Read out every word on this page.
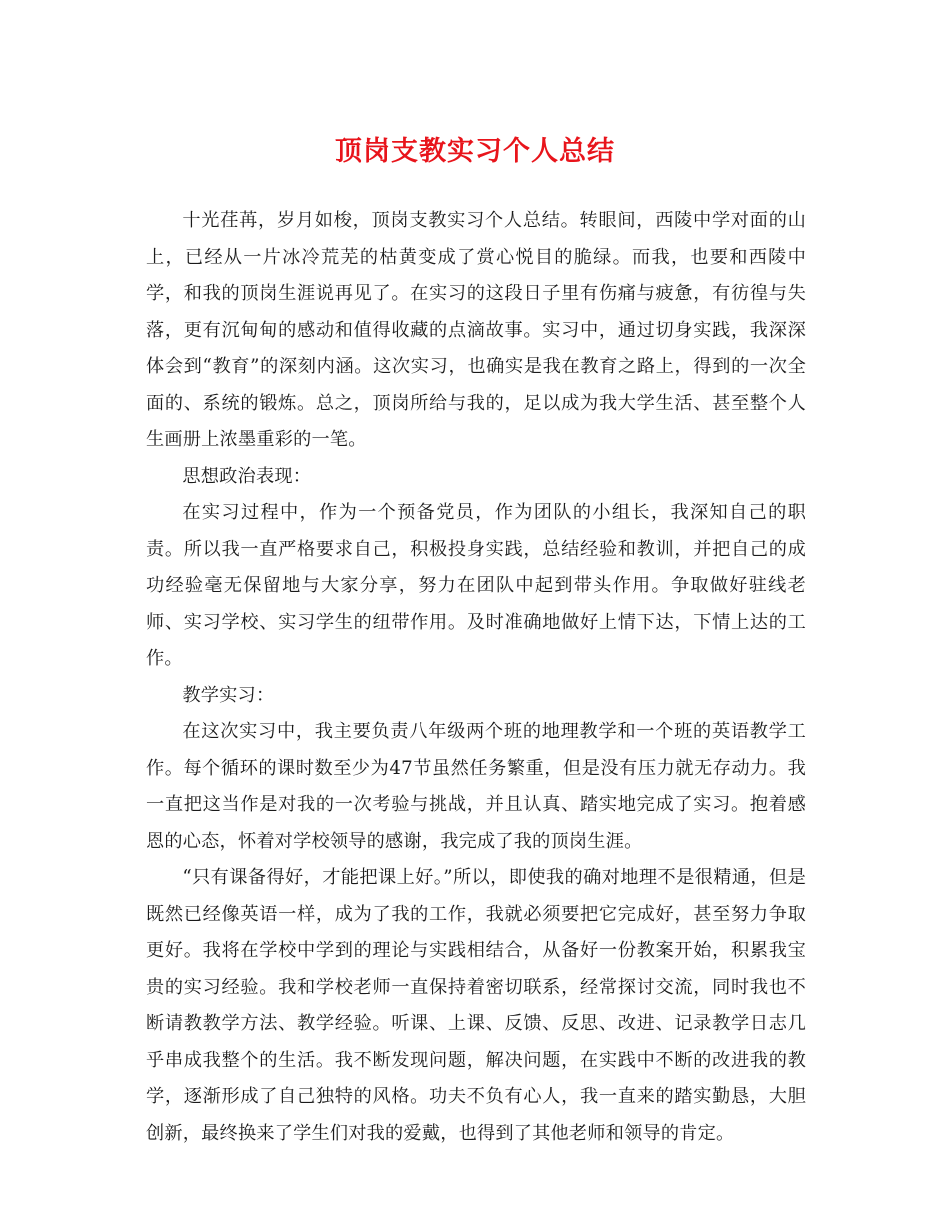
顶岗支教实习个人总结

十光荏苒，岁月如梭，顶岗支教实习个人总结。转眼间，西陵中学对面的山上，已经从一片冰冷荒芜的枯黄变成了赏心悦目的脆绿。而我，也要和西陵中学，和我的顶岗生涯说再见了。在实习的这段日子里有伤痛与疲惫，有彷徨与失落，更有沉甸甸的感动和值得收藏的点滴故事。实习中，通过切身实践，我深深体会到“教育”的深刻内涵。这次实习，也确实是我在教育之路上，得到的一次全面的、系统的锻炼。总之，顶岗所给与我的，足以成为我大学生活、甚至整个人生画册上浓墨重彩的一笔。

思想政治表现：

在实习过程中，作为一个预备党员，作为团队的小组长，我深知自己的职责。所以我一直严格要求自己，积极投身实践，总结经验和教训，并把自己的成功经验毫无保留地与大家分享，努力在团队中起到带头作用。争取做好驻线老师、实习学校、实习学生的纽带作用。及时准确地做好上情下达，下情上达的工作。

教学实习：

在这次实习中，我主要负责八年级两个班的地理教学和一个班的英语教学工作。每个循环的课时数至少为47节虽然任务繁重，但是没有压力就无存动力。我一直把这当作是对我的一次考验与挑战，并且认真、踏实地完成了实习。抱着感恩的心态，怀着对学校领导的感谢，我完成了我的顶岗生涯。

“只有课备得好，才能把课上好。”所以，即使我的确对地理不是很精通，但是既然已经像英语一样，成为了我的工作，我就必须要把它完成好，甚至努力争取更好。我将在学校中学到的理论与实践相结合，从备好一份教案开始，积累我宝贵的实习经验。我和学校老师一直保持着密切联系，经常探讨交流，同时我也不断请教教学方法、教学经验。听课、上课、反馈、反思、改进、记录教学日志几乎串成我整个的生活。我不断发现问题，解决问题，在实践中不断的改进我的教学，逐渐形成了自己独特的风格。功夫不负有心人，我一直来的踏实勤恳，大胆创新，最终换来了学生们对我的爱戴，也得到了其他老师和领导的肯定。
